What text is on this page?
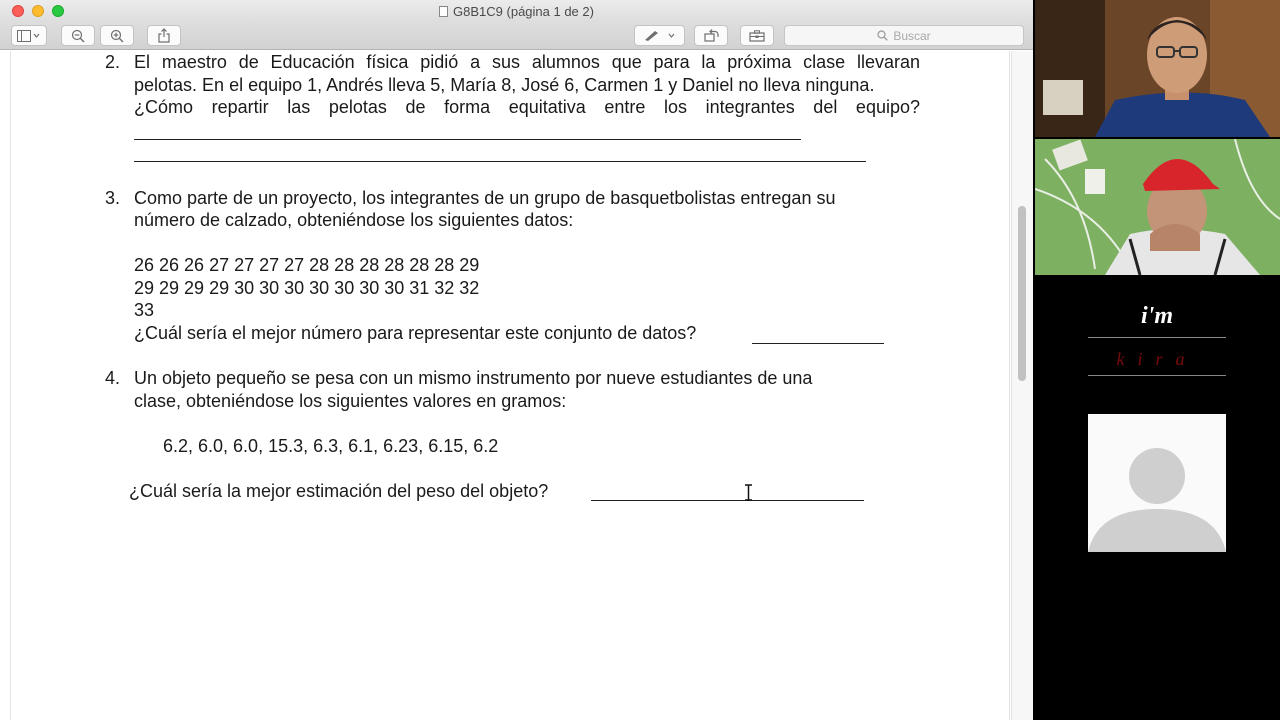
G8B1C9 (página 1 de 2)
Buscar
2. El maestro de Educación física pidió a sus alumnos que para la próxima clase llevaran
pelotas. En el equipo 1, Andrés lleva 5, María 8, José 6, Carmen 1 y Daniel no lleva ninguna.
¿Cómo repartir las pelotas de forma equitativa entre los integrantes del equipo?
3. Como parte de un proyecto, los integrantes de un grupo de basquetbolistas entregan su
número de calzado, obteniéndose los siguientes datos:
26 26 26 27 27 27 27 28 28 28 28 28 28 29
29 29 29 29 30 30 30 30 30 30 30 31 32 32
33
¿Cuál sería el mejor número para representar este conjunto de datos?
4. Un objeto pequeño se pesa con un mismo instrumento por nueve estudiantes de una
clase, obteniéndose los siguientes valores en gramos:
6.2, 6.0, 6.0, 15.3, 6.3, 6.1, 6.23, 6.15, 6.2
¿Cuál sería la mejor estimación del peso del objeto?
i'm
kira
